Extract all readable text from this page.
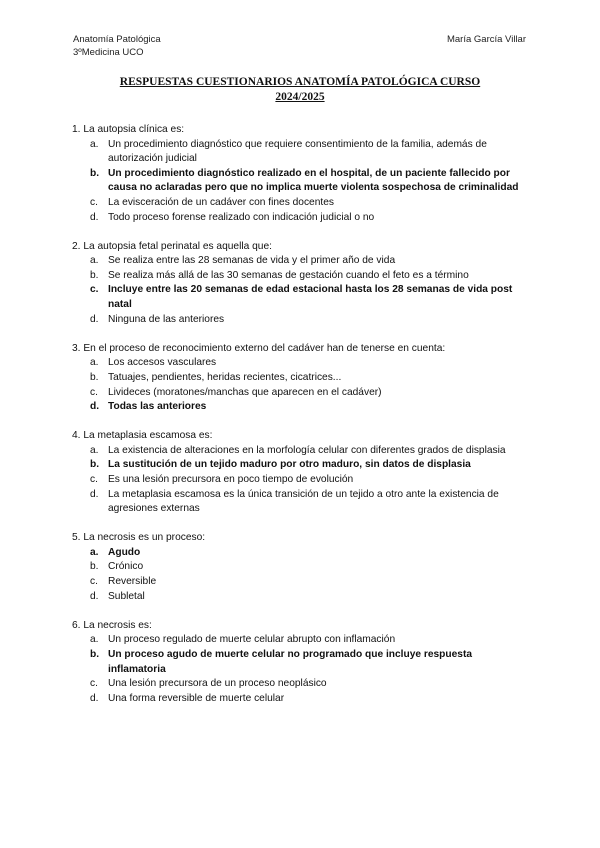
Anatomía Patológica
3ºMedicina UCO
María García Villar
RESPUESTAS CUESTIONARIOS ANATOMÍA PATOLÓGICA CURSO
2024/2025
1. La autopsia clínica es:
a. Un procedimiento diagnóstico que requiere consentimiento de la familia, además de autorización judicial
b. Un procedimiento diagnóstico realizado en el hospital, de un paciente fallecido por causa no aclaradas pero que no implica muerte violenta sospechosa de criminalidad
c. La evisceración de un cadáver con fines docentes
d. Todo proceso forense realizado con indicación judicial o no
2. La autopsia fetal perinatal es aquella que:
a. Se realiza entre las 28 semanas de vida y el primer año de vida
b. Se realiza más allá de las 30 semanas de gestación cuando el feto es a término
c. Incluye entre las 20 semanas de edad estacional hasta los 28 semanas de vida post natal
d. Ninguna de las anteriores
3. En el proceso de reconocimiento externo del cadáver han de tenerse en cuenta:
a. Los accesos vasculares
b. Tatuajes, pendientes, heridas recientes, cicatrices...
c. Livideces (moratones/manchas que aparecen en el cadáver)
d. Todas las anteriores
4. La metaplasia escamosa es:
a. La existencia de alteraciones en la morfología celular con diferentes grados de displasia
b. La sustitución de un tejido maduro por otro maduro, sin datos de displasia
c. Es una lesión precursora en poco tiempo de evolución
d. La metaplasia escamosa es la única transición de un tejido a otro ante la existencia de agresiones externas
5. La necrosis es un proceso:
a. Agudo
b. Crónico
c. Reversible
d. Subletal
6. La necrosis es:
a. Un proceso regulado de muerte celular abrupto con inflamación
b. Un proceso agudo de muerte celular no programado que incluye respuesta inflamatoria
c. Una lesión precursora de un proceso neoplásico
d. Una forma reversible de muerte celular
